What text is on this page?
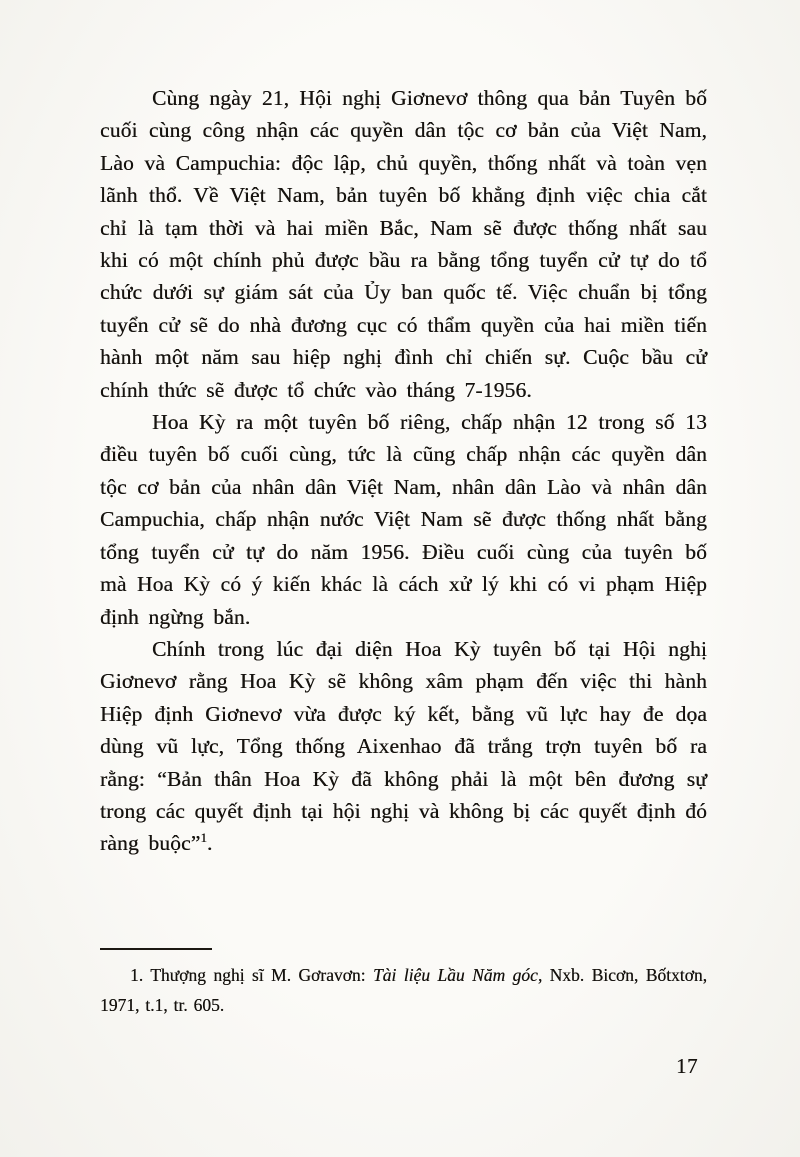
Cùng ngày 21, Hội nghị Giơnevơ thông qua bản Tuyên bố cuối cùng công nhận các quyền dân tộc cơ bản của Việt Nam, Lào và Campuchia: độc lập, chủ quyền, thống nhất và toàn vẹn lãnh thổ. Về Việt Nam, bản tuyên bố khẳng định việc chia cắt chỉ là tạm thời và hai miền Bắc, Nam sẽ được thống nhất sau khi có một chính phủ được bầu ra bằng tổng tuyển cử tự do tổ chức dưới sự giám sát của Ủy ban quốc tế. Việc chuẩn bị tổng tuyển cử sẽ do nhà đương cục có thẩm quyền của hai miền tiến hành một năm sau hiệp nghị đình chỉ chiến sự. Cuộc bầu cử chính thức sẽ được tổ chức vào tháng 7-1956.

Hoa Kỳ ra một tuyên bố riêng, chấp nhận 12 trong số 13 điều tuyên bố cuối cùng, tức là cũng chấp nhận các quyền dân tộc cơ bản của nhân dân Việt Nam, nhân dân Lào và nhân dân Campuchia, chấp nhận nước Việt Nam sẽ được thống nhất bằng tổng tuyển cử tự do năm 1956. Điều cuối cùng của tuyên bố mà Hoa Kỳ có ý kiến khác là cách xử lý khi có vi phạm Hiệp định ngừng bắn.

Chính trong lúc đại diện Hoa Kỳ tuyên bố tại Hội nghị Giơnevơ rằng Hoa Kỳ sẽ không xâm phạm đến việc thi hành Hiệp định Giơnevơ vừa được ký kết, bằng vũ lực hay đe dọa dùng vũ lực, Tổng thống Aixenhao đã trắng trợn tuyên bố ra rằng: “Bản thân Hoa Kỳ đã không phải là một bên đương sự trong các quyết định tại hội nghị và không bị các quyết định đó ràng buộc”$^1$.

1. Thượng nghị sĩ M. Gơravơn: Tài liệu Lầu Năm góc, Nxb. Bicơn, Bốtxtơn, 1971, t.1, tr. 605.

17
